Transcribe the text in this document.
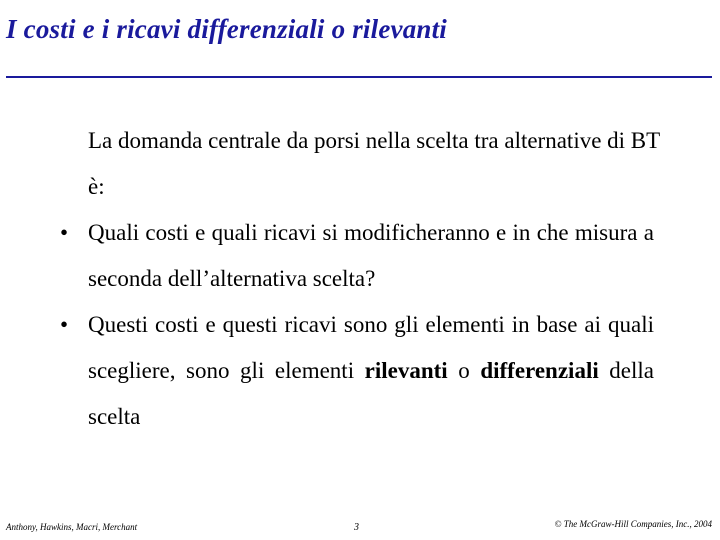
I costi e i ricavi differenziali o rilevanti
La domanda centrale da porsi nella scelta tra alternative di BT è:
• Quali costi e quali ricavi si modificheranno e in che misura a seconda dell’alternativa scelta?
• Questi costi e questi ricavi sono gli elementi in base ai quali scegliere, sono gli elementi rilevanti o differenziali della scelta
Anthony, Hawkins, Macri, Merchant	3	© The McGraw-Hill Companies, Inc., 2004
